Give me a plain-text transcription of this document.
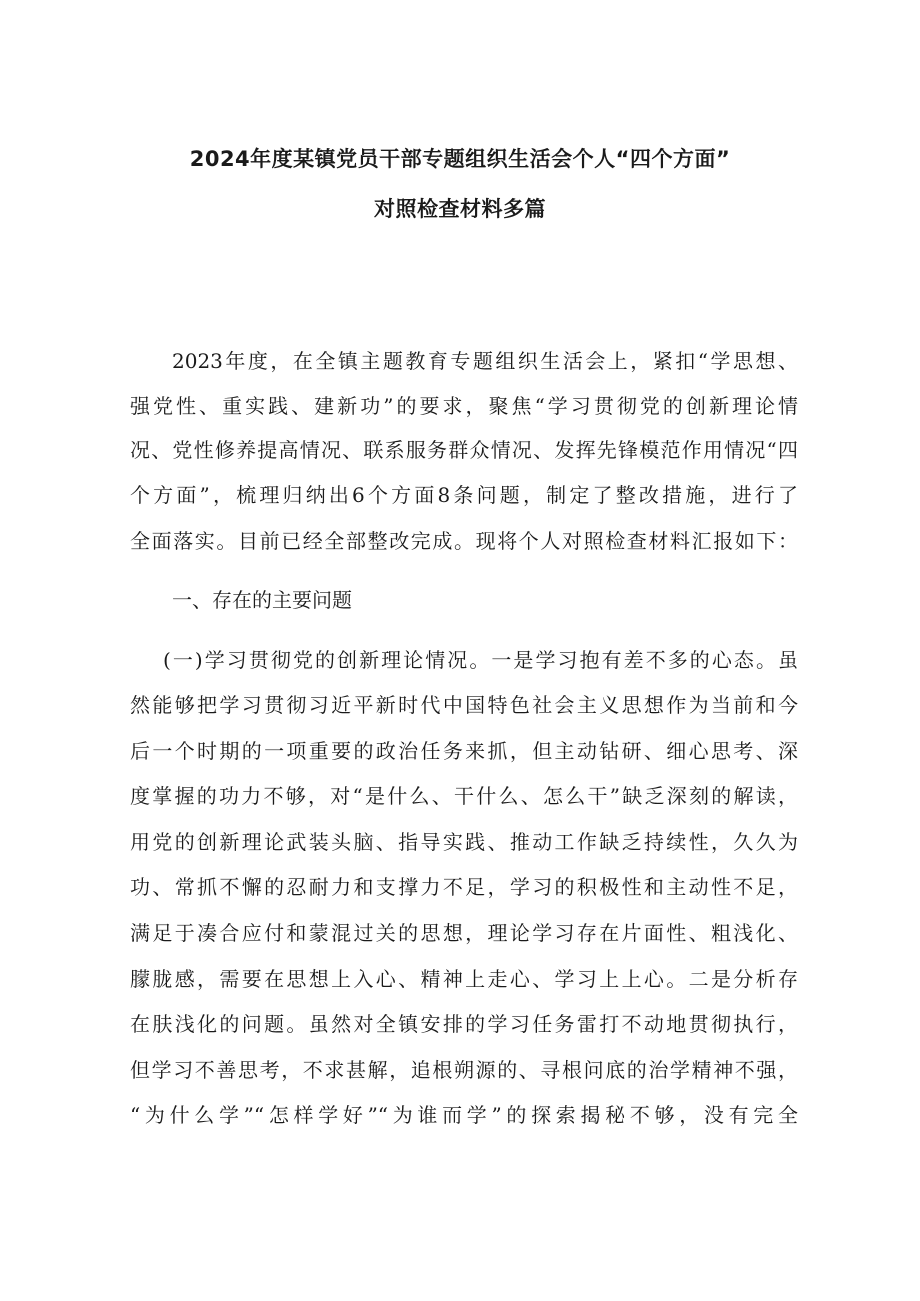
2024年度某镇党员干部专题组织生活会个人“四个方面”
对照检查材料多篇
2023年度，在全镇主题教育专题组织生活会上，紧扣“学思想、
强党性、重实践、建新功”的要求，聚焦“学习贯彻党的创新理论情
况、党性修养提高情况、联系服务群众情况、发挥先锋模范作用情况“四
个方面”，梳理归纳出6个方面8条问题，制定了整改措施，进行了
全面落实。目前已经全部整改完成。现将个人对照检查材料汇报如下：
一、存在的主要问题
(一)学习贯彻党的创新理论情况。一是学习抱有差不多的心态。虽
然能够把学习贯彻习近平新时代中国特色社会主义思想作为当前和今
后一个时期的一项重要的政治任务来抓，但主动钻研、细心思考、深
度掌握的功力不够，对“是什么、干什么、怎么干”缺乏深刻的解读，
用党的创新理论武装头脑、指导实践、推动工作缺乏持续性，久久为
功、常抓不懈的忍耐力和支撑力不足，学习的积极性和主动性不足，
满足于凑合应付和蒙混过关的思想，理论学习存在片面性、粗浅化、
朦胧感，需要在思想上入心、精神上走心、学习上上心。二是分析存
在肤浅化的问题。虽然对全镇安排的学习任务雷打不动地贯彻执行，
但学习不善思考，不求甚解，追根朔源的、寻根问底的治学精神不强，
“为什么学”“怎样学好”“为谁而学”的探索揭秘不够，没有完全
